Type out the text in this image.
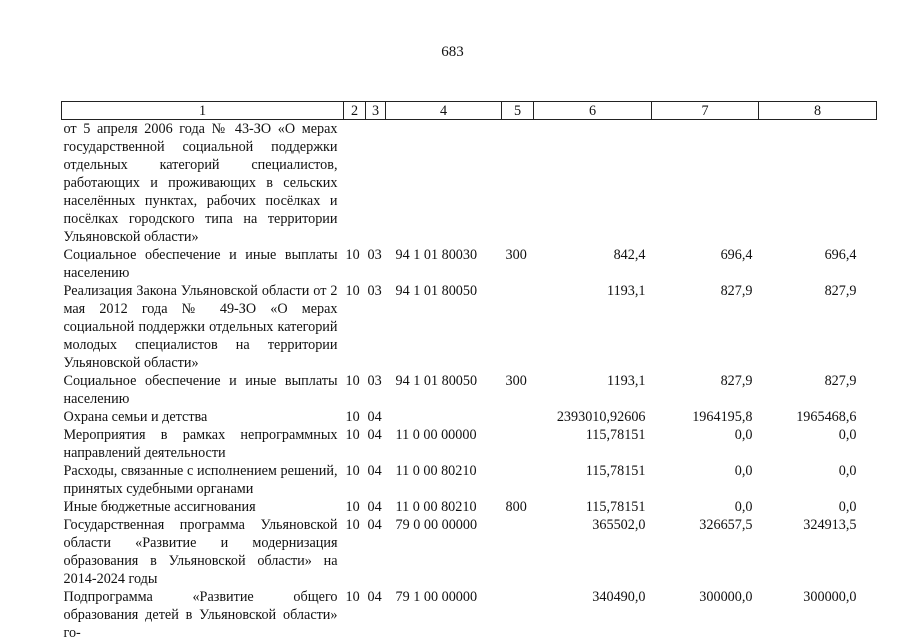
683
1	2	3	4	5	6	7	8
от 5 апреля 2006 года № 43-ЗО «О мерах государственной социальной поддержки отдельных категорий специалистов, работающих и проживающих в сельских населённых пунктах, рабочих посёлках и посёлках городского типа на территории Ульяновской области»							
Социальное обеспечение и иные выплаты населению	10	03	94 1 01 80030	300	842,4	696,4	696,4
Реализация Закона Ульяновской области от 2 мая 2012 года № 49-ЗО «О мерах социальной поддержки отдельных категорий молодых специалистов на территории Ульяновской области»	10	03	94 1 01 80050		1193,1	827,9	827,9
Социальное обеспечение и иные выплаты населению	10	03	94 1 01 80050	300	1193,1	827,9	827,9
Охрана семьи и детства	10	04			2393010,92606	1964195,8	1965468,6
Мероприятия в рамках непрограммных направлений деятельности	10	04	11 0 00 00000		115,78151	0,0	0,0
Расходы, связанные с исполнением решений, принятых судебными органами	10	04	11 0 00 80210		115,78151	0,0	0,0
Иные бюджетные ассигнования	10	04	11 0 00 80210	800	115,78151	0,0	0,0
Государственная программа Ульяновской области «Развитие и модернизация образования в Ульяновской области» на 2014-2024 годы	10	04	79 0 00 00000		365502,0	326657,5	324913,5
Подпрограмма «Развитие общего образования детей в Ульяновской области» го-	10	04	79 1 00 00000		340490,0	300000,0	300000,0
